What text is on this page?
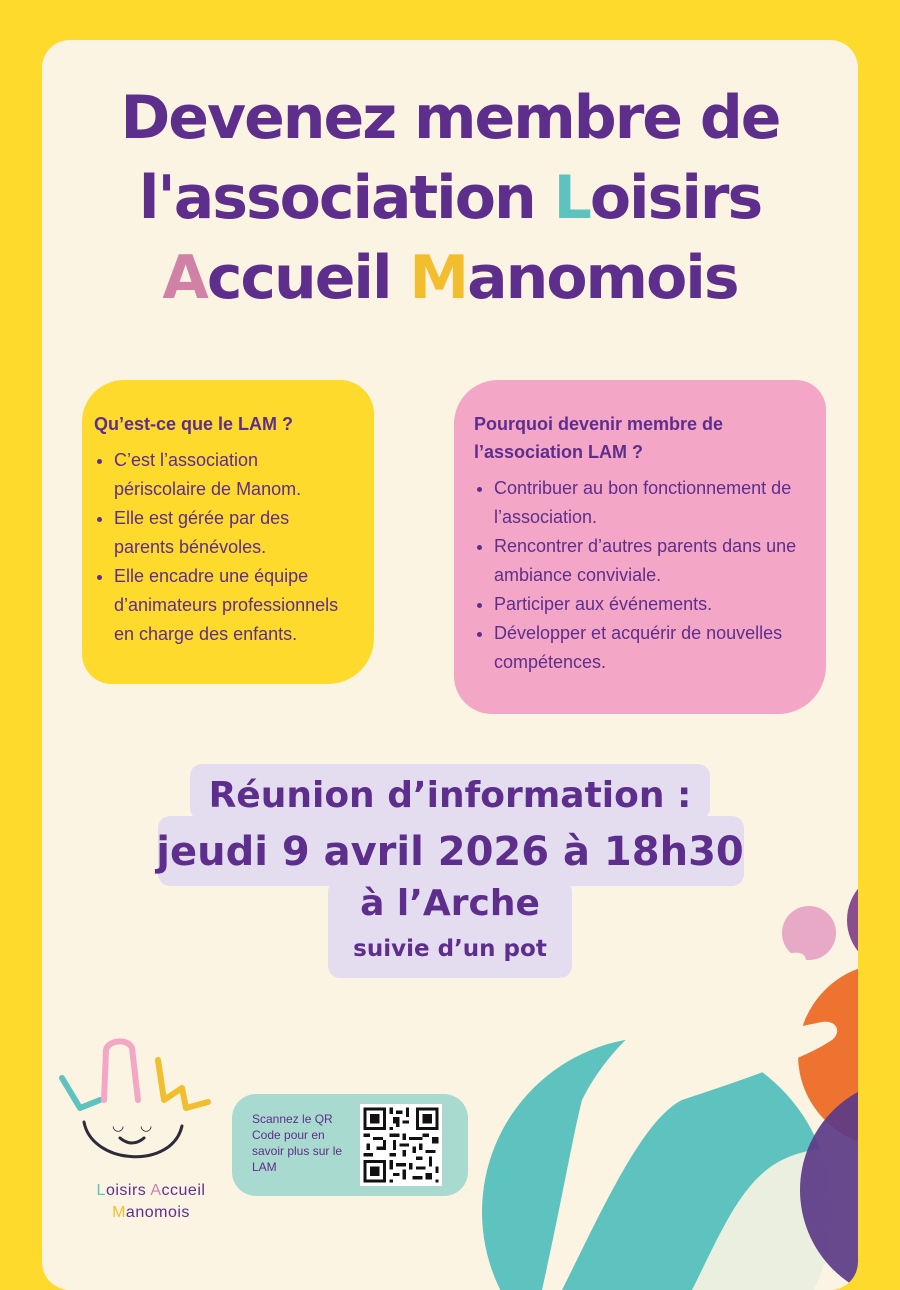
Devenez membre de
l'association Loisirs
Accueil Manomois
Qu’est-ce que le LAM ?
• C’est l’association périscolaire de Manom.
• Elle est gérée par des parents bénévoles.
• Elle encadre une équipe d’animateurs professionnels en charge des enfants.
Pourquoi devenir membre de l’association LAM ?
• Contribuer au bon fonctionnement de l’association.
• Rencontrer d’autres parents dans une ambiance conviviale.
• Participer aux événements.
• Développer et acquérir de nouvelles compétences.
Réunion d’information :
jeudi 9 avril 2026 à 18h30
à l’Arche
suivie d’un pot
Scannez le QR Code pour en savoir plus sur le LAM
◡ ◡
Loisirs Accueil
Manomois
